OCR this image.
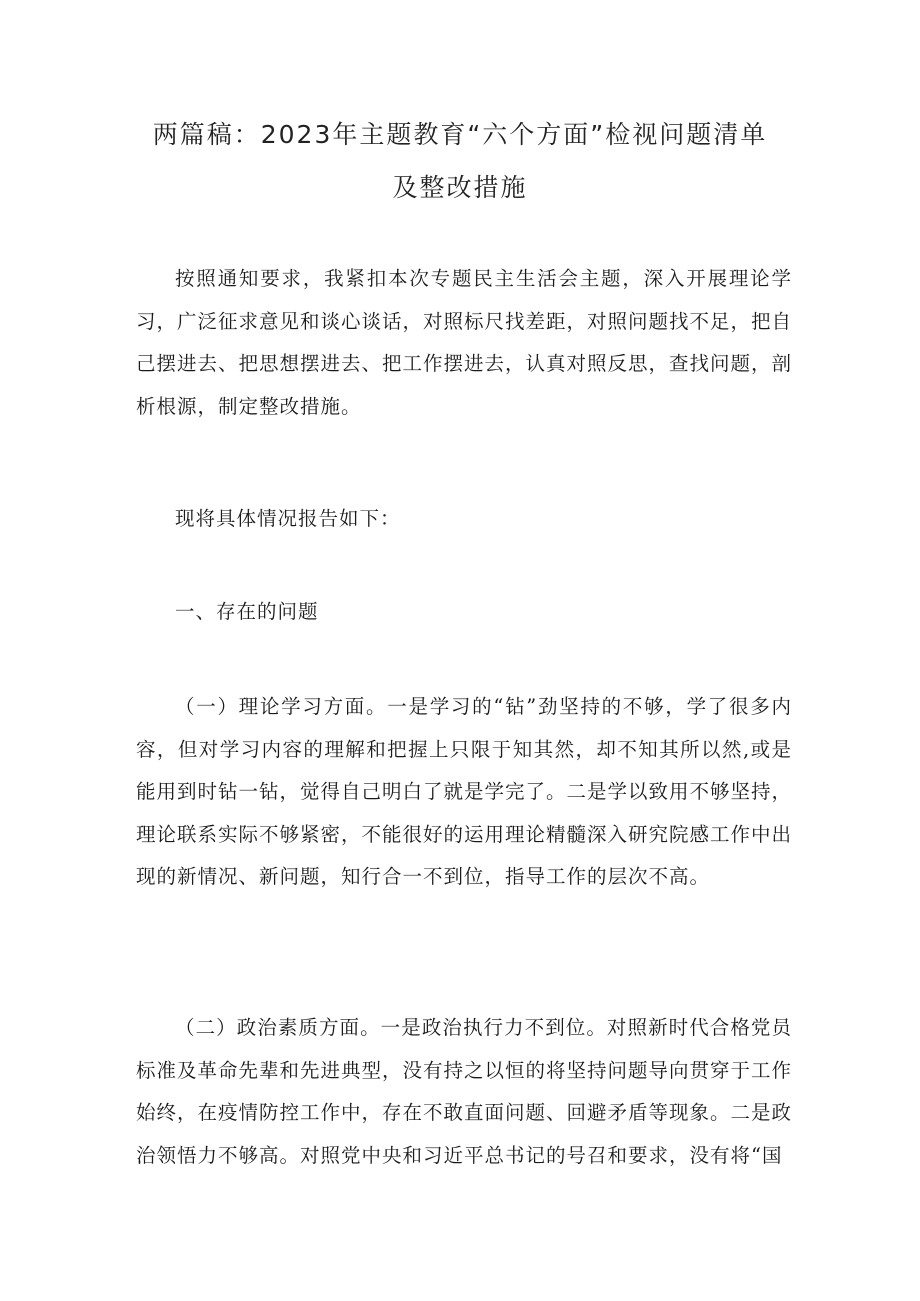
两篇稿：2023年主题教育“六个方面”检视问题清单
及整改措施
按照通知要求，我紧扣本次专题民主生活会主题，深入开展理论学习，广泛征求意见和谈心谈话，对照标尺找差距，对照问题找不足，把自己摆进去、把思想摆进去、把工作摆进去，认真对照反思，查找问题，剖析根源，制定整改措施。
现将具体情况报告如下：
一、存在的问题
（一）理论学习方面。一是学习的“钻”劲坚持的不够，学了很多内容，但对学习内容的理解和把握上只限于知其然，却不知其所以然,或是能用到时钻一钻，觉得自己明白了就是学完了。二是学以致用不够坚持，理论联系实际不够紧密，不能很好的运用理论精髓深入研究院感工作中出现的新情况、新问题，知行合一不到位，指导工作的层次不高。
（二）政治素质方面。一是政治执行力不到位。对照新时代合格党员标准及革命先辈和先进典型，没有持之以恒的将坚持问题导向贯穿于工作始终，在疫情防控工作中，存在不敢直面问题、回避矛盾等现象。二是政治领悟力不够高。对照党中央和习近平总书记的号召和要求，没有将“国
